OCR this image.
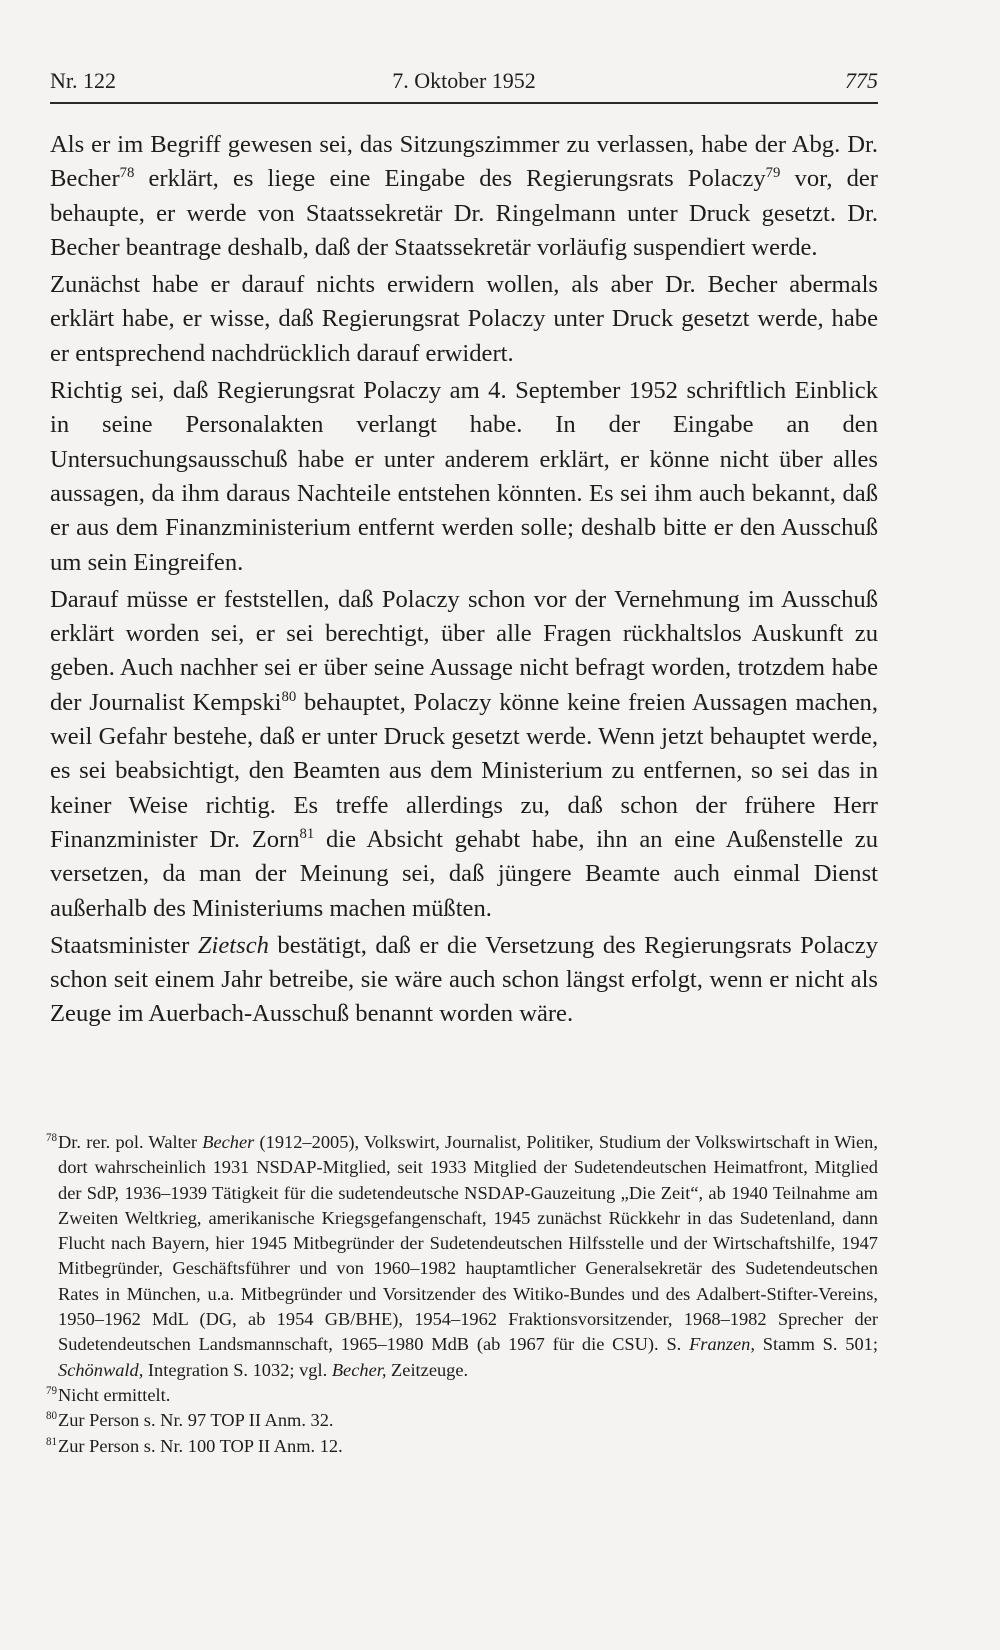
7. Oktober 1952
Nr. 122	775

Als er im Begriff gewesen sei, das Sitzungszimmer zu verlassen, habe der Abg. Dr. Becher$^{78}$ erklärt, es liege eine Eingabe des Regierungsrats Polaczy$^{79}$ vor, der behaupte, er werde von Staatssekretär Dr. Ringelmann unter Druck gesetzt. Dr. Becher beantrage deshalb, daß der Staatssekretär vorläufig suspendiert werde.

Zunächst habe er darauf nichts erwidern wollen, als aber Dr. Becher abermals erklärt habe, er wisse, daß Regierungsrat Polaczy unter Druck gesetzt werde, habe er entsprechend nachdrücklich darauf erwidert.

Richtig sei, daß Regierungsrat Polaczy am 4. September 1952 schriftlich Einblick in seine Personalakten verlangt habe. In der Eingabe an den Untersuchungsausschuß habe er unter anderem erklärt, er könne nicht über alles aussagen, da ihm daraus Nachteile entstehen könnten. Es sei ihm auch bekannt, daß er aus dem Finanzministerium entfernt werden solle; deshalb bitte er den Ausschuß um sein Eingreifen.

Darauf müsse er feststellen, daß Polaczy schon vor der Vernehmung im Ausschuß erklärt worden sei, er sei berechtigt, über alle Fragen rückhaltslos Auskunft zu geben. Auch nachher sei er über seine Aussage nicht befragt worden, trotzdem habe der Journalist Kempski$^{80}$ behauptet, Polaczy könne keine freien Aussagen machen, weil Gefahr bestehe, daß er unter Druck gesetzt werde. Wenn jetzt behauptet werde, es sei beabsichtigt, den Beamten aus dem Ministerium zu entfernen, so sei das in keiner Weise richtig. Es treffe allerdings zu, daß schon der frühere Herr Finanzminister Dr. Zorn$^{81}$ die Absicht gehabt habe, ihn an eine Außenstelle zu versetzen, da man der Meinung sei, daß jüngere Beamte auch einmal Dienst außerhalb des Ministeriums machen müßten.

Staatsminister Zietsch bestätigt, daß er die Versetzung des Regierungsrats Polaczy schon seit einem Jahr betreibe, sie wäre auch schon längst erfolgt, wenn er nicht als Zeuge im Auerbach-Ausschuß benannt worden wäre.

78 Dr. rer. pol. Walter Becher (1912–2005), Volkswirt, Journalist, Politiker, Studium der Volkswirtschaft in Wien, dort wahrscheinlich 1931 NSDAP-Mitglied, seit 1933 Mitglied der Sudetendeutschen Heimatfront, Mitglied der SdP, 1936–1939 Tätigkeit für die sudetendeutsche NSDAP-Gauzeitung „Die Zeit“, ab 1940 Teilnahme am Zweiten Weltkrieg, amerikanische Kriegsgefangenschaft, 1945 zunächst Rückkehr in das Sudetenland, dann Flucht nach Bayern, hier 1945 Mitbegründer der Sudetendeutschen Hilfsstelle und der Wirtschaftshilfe, 1947 Mitbegründer, Geschäftsführer und von 1960–1982 hauptamtlicher Generalsekretär des Sudetendeutschen Rates in München, u.a. Mitbegründer und Vorsitzender des Witiko-Bundes und des Adalbert-Stifter-Vereins, 1950–1962 MdL (DG, ab 1954 GB/BHE), 1954–1962 Fraktionsvorsitzender, 1968–1982 Sprecher der Sudetendeutschen Landsmannschaft, 1965–1980 MdB (ab 1967 für die CSU). S. Franzen, Stamm S. 501; Schönwald, Integration S. 1032; vgl. Becher, Zeitzeuge.

79 Nicht ermittelt.

80 Zur Person s. Nr. 97 TOP II Anm. 32.

81 Zur Person s. Nr. 100 TOP II Anm. 12.
